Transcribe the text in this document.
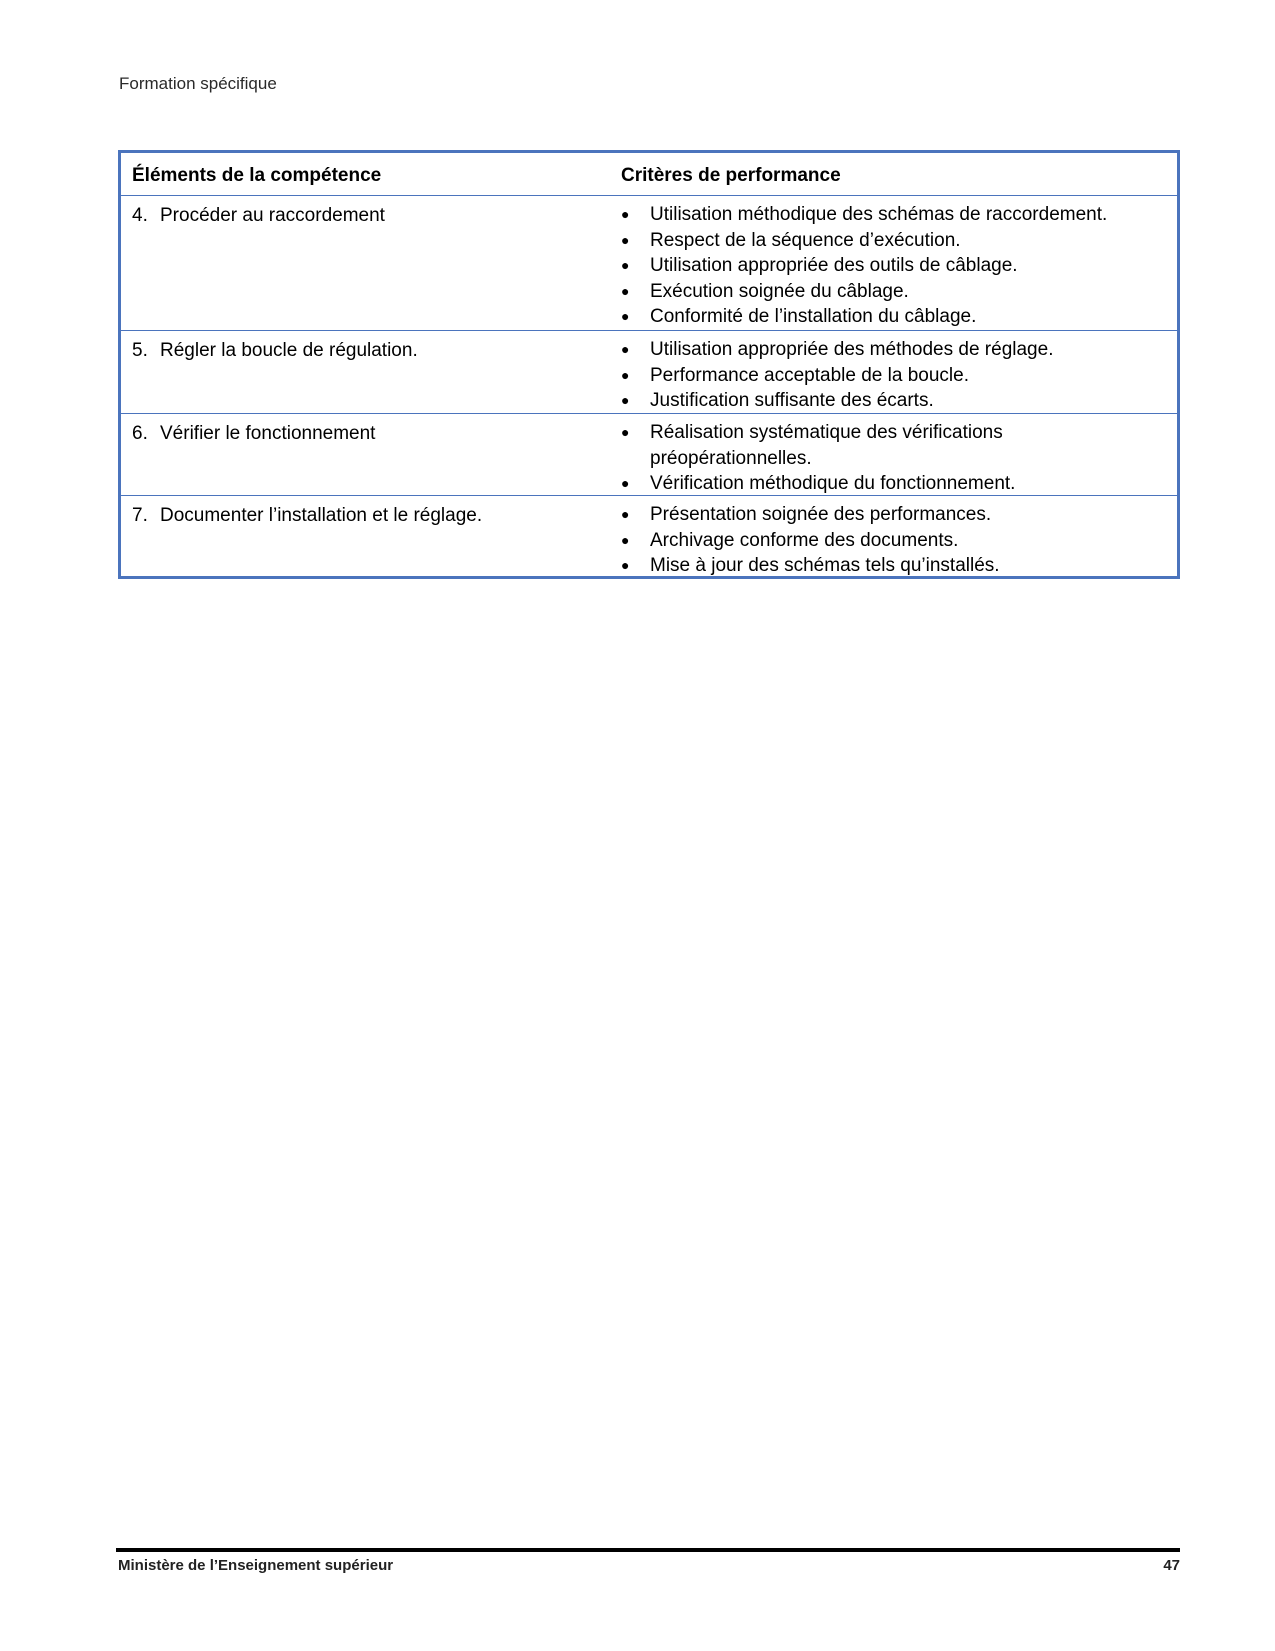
Formation spécifique
Éléments de la compétence	Critères de performance
4. Procéder au raccordement	●	Utilisation méthodique des schémas de raccordement.
●	Respect de la séquence d’exécution.
●	Utilisation appropriée des outils de câblage.
●	Exécution soignée du câblage.
●	Conformité de l’installation du câblage.
5. Régler la boucle de régulation.	●	Utilisation appropriée des méthodes de réglage.
●	Performance acceptable de la boucle.
●	Justification suffisante des écarts.
6. Vérifier le fonctionnement	●	Réalisation systématique des vérifications préopérationnelles.
●	Vérification méthodique du fonctionnement.
7. Documenter l’installation et le réglage.	●	Présentation soignée des performances.
●	Archivage conforme des documents.
●	Mise à jour des schémas tels qu’installés.
Ministère de l’Enseignement supérieur	47
